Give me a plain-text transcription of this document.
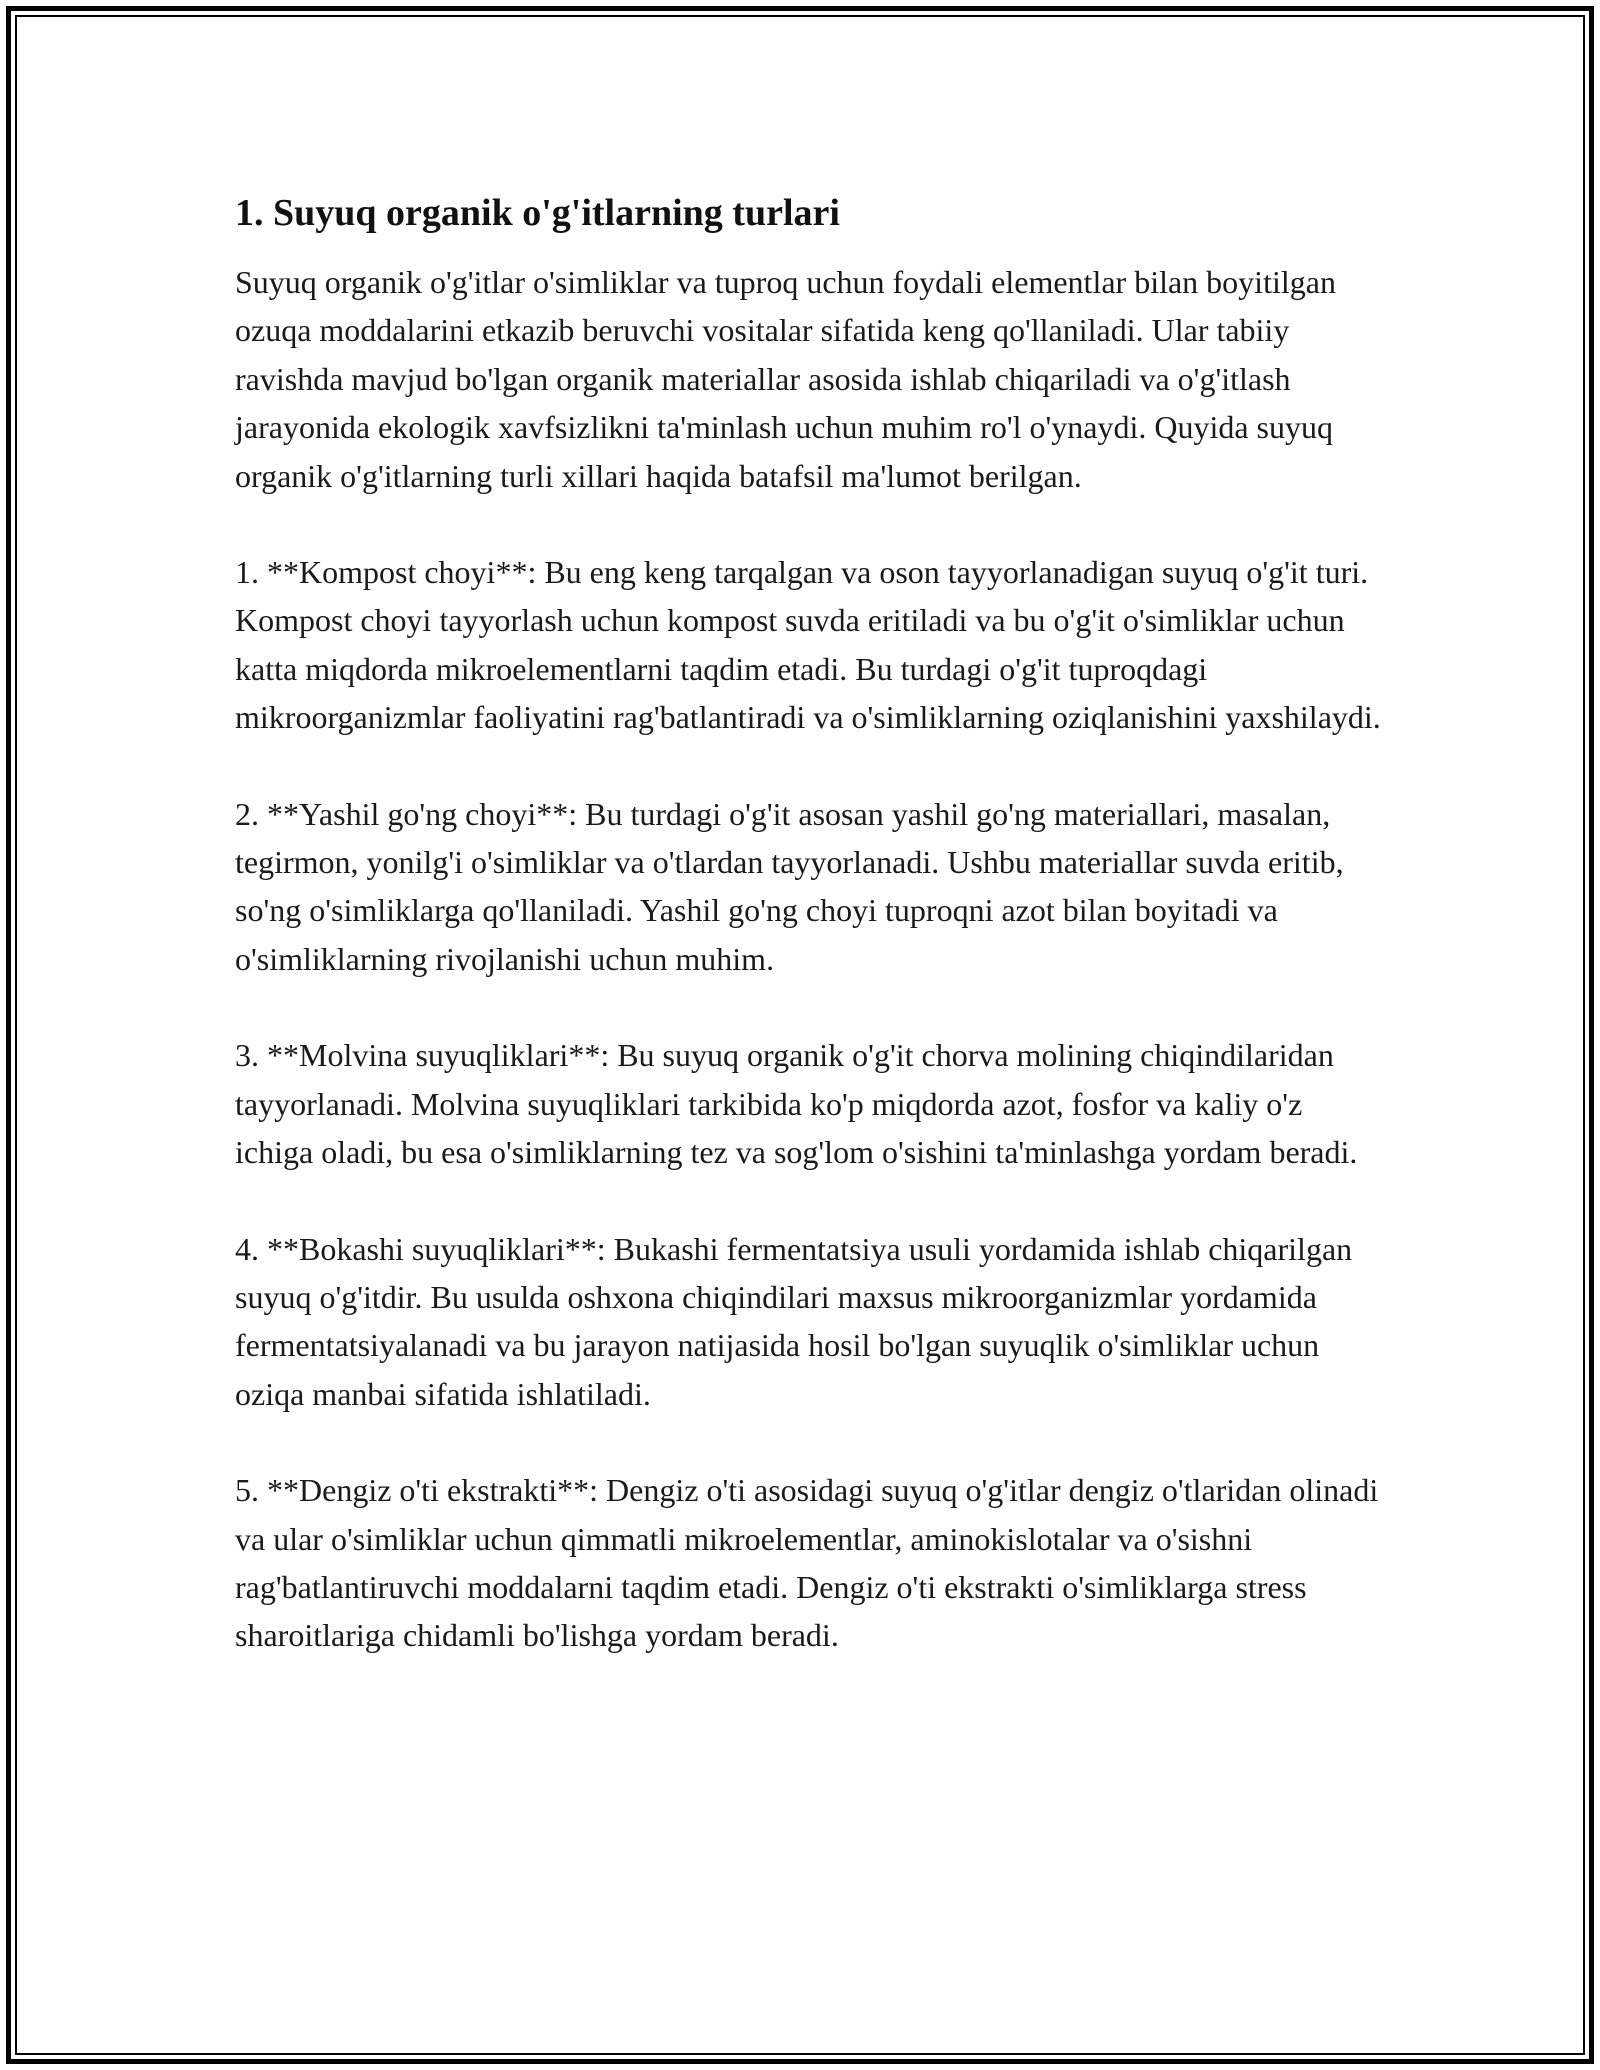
1. Suyuq organik o'g'itlarning turlari

Suyuq organik o'g'itlar o'simliklar va tuproq uchun foydali elementlar bilan boyitilgan ozuqa moddalarini etkazib beruvchi vositalar sifatida keng qo'llaniladi. Ular tabiiy ravishda mavjud bo'lgan organik materiallar asosida ishlab chiqariladi va o'g'itlash jarayonida ekologik xavfsizlikni ta'minlash uchun muhim ro'l o'ynaydi. Quyida suyuq organik o'g'itlarning turli xillari haqida batafsil ma'lumot berilgan.

1. **Kompost choyi**: Bu eng keng tarqalgan va oson tayyorlanadigan suyuq o'g'it turi. Kompost choyi tayyorlash uchun kompost suvda eritiladi va bu o'g'it o'simliklar uchun katta miqdorda mikroelementlarni taqdim etadi. Bu turdagi o'g'it tuproqdagi mikroorganizmlar faoliyatini rag'batlantiradi va o'simliklarning oziqlanishini yaxshilaydi.

2. **Yashil go'ng choyi**: Bu turdagi o'g'it asosan yashil go'ng materiallari, masalan, tegirmon, yonilg'i o'simliklar va o'tlardan tayyorlanadi. Ushbu materiallar suvda eritib, so'ng o'simliklarga qo'llaniladi. Yashil go'ng choyi tuproqni azot bilan boyitadi va o'simliklarning rivojlanishi uchun muhim.

3. **Molvina suyuqliklari**: Bu suyuq organik o'g'it chorva molining chiqindilaridan tayyorlanadi. Molvina suyuqliklari tarkibida ko'p miqdorda azot, fosfor va kaliy o'z ichiga oladi, bu esa o'simliklarning tez va sog'lom o'sishini ta'minlashga yordam beradi.

4. **Bokashi suyuqliklari**: Bukashi fermentatsiya usuli yordamida ishlab chiqarilgan suyuq o'g'itdir. Bu usulda oshxona chiqindilari maxsus mikroorganizmlar yordamida fermentatsiyalanadi va bu jarayon natijasida hosil bo'lgan suyuqlik o'simliklar uchun oziqa manbai sifatida ishlatiladi.

5. **Dengiz o'ti ekstrakti**: Dengiz o'ti asosidagi suyuq o'g'itlar dengiz o'tlaridan olinadi va ular o'simliklar uchun qimmatli mikroelementlar, aminokislotalar va o'sishni rag'batlantiruvchi moddalarni taqdim etadi. Dengiz o'ti ekstrakti o'simliklarga stress sharoitlariga chidamli bo'lishga yordam beradi.
